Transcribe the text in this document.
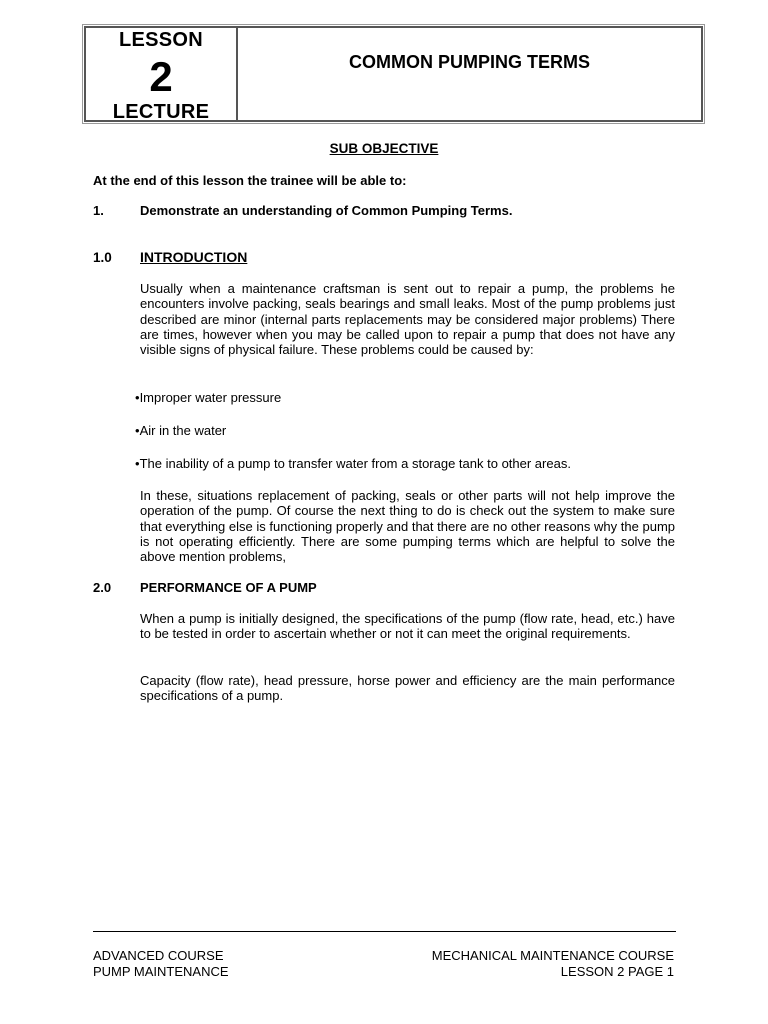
LESSON
2
LECTURE
COMMON PUMPING TERMS
SUB OBJECTIVE
At the end of this lesson the trainee will be able to:
1.	Demonstrate an understanding of Common Pumping Terms.
1.0 INTRODUCTION
Usually when a maintenance craftsman is sent out to repair a pump, the problems he encounters involve packing, seals bearings and small leaks. Most of the pump problems just described are minor (internal parts replacements may be considered major problems) There are times, however when you may be called upon to repair a pump that does not have any visible signs of physical failure. These problems could be caused by:
•Improper water pressure
•Air in the water
•The inability of a pump to transfer water from a storage tank to other areas.
In these, situations replacement of packing, seals or other parts will not help improve the operation of the pump. Of course the next thing to do is check out the system to make sure that everything else is functioning properly and that there are no other reasons why the pump is not operating efficiently. There are some pumping terms which are helpful to solve the above mention problems,
2.0 PERFORMANCE OF A PUMP
When a pump is initially designed, the specifications of the pump (flow rate, head, etc.) have to be tested in order to ascertain whether or not it can meet the original requirements.
Capacity (flow rate), head pressure, horse power and efficiency are the main performance specifications of a pump.
ADVANCED COURSE
PUMP MAINTENANCE
MECHANICAL MAINTENANCE COURSE
LESSON 2 PAGE 1
